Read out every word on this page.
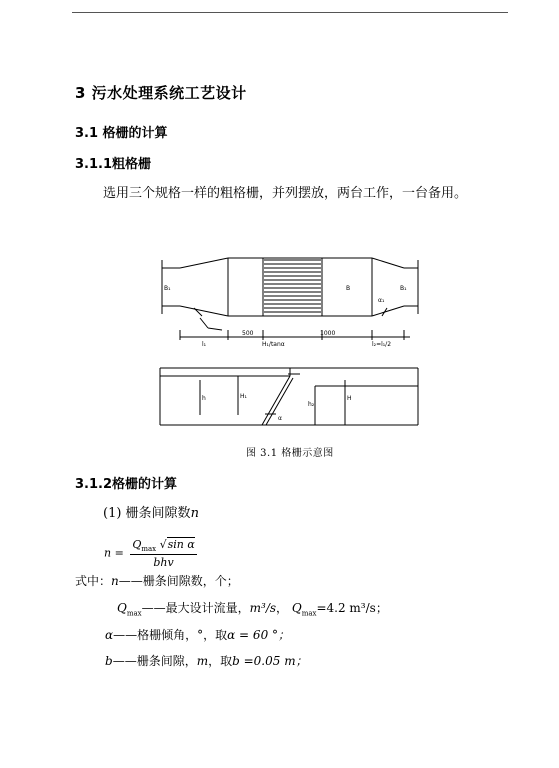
3 污水处理系统工艺设计
3.1 格栅的计算
3.1.1粗格栅
选用三个规格一样的粗格栅，并列摆放，两台工作，一台备用。
500	1000
l₁	H₁/tanα	l₂=l₁/2
B₁	B	B₁
α₁
h	H₁
α
h₂
H
图 3.1 格栅示意图
3.1.2格栅的计算
(1) 栅条间隙数n
$n = \frac{Q_{max} √\sin \alpha}{\text{bhv}}$
式中：n——栅条间隙数，个；
$Q_{max}——$最大设计流量，m³/s， $Q_{max}=4.2$ m³/s；
α——格栅倾角，°，取α = 60 °；
b——栅条间隙，m，取b =0.05 m；
